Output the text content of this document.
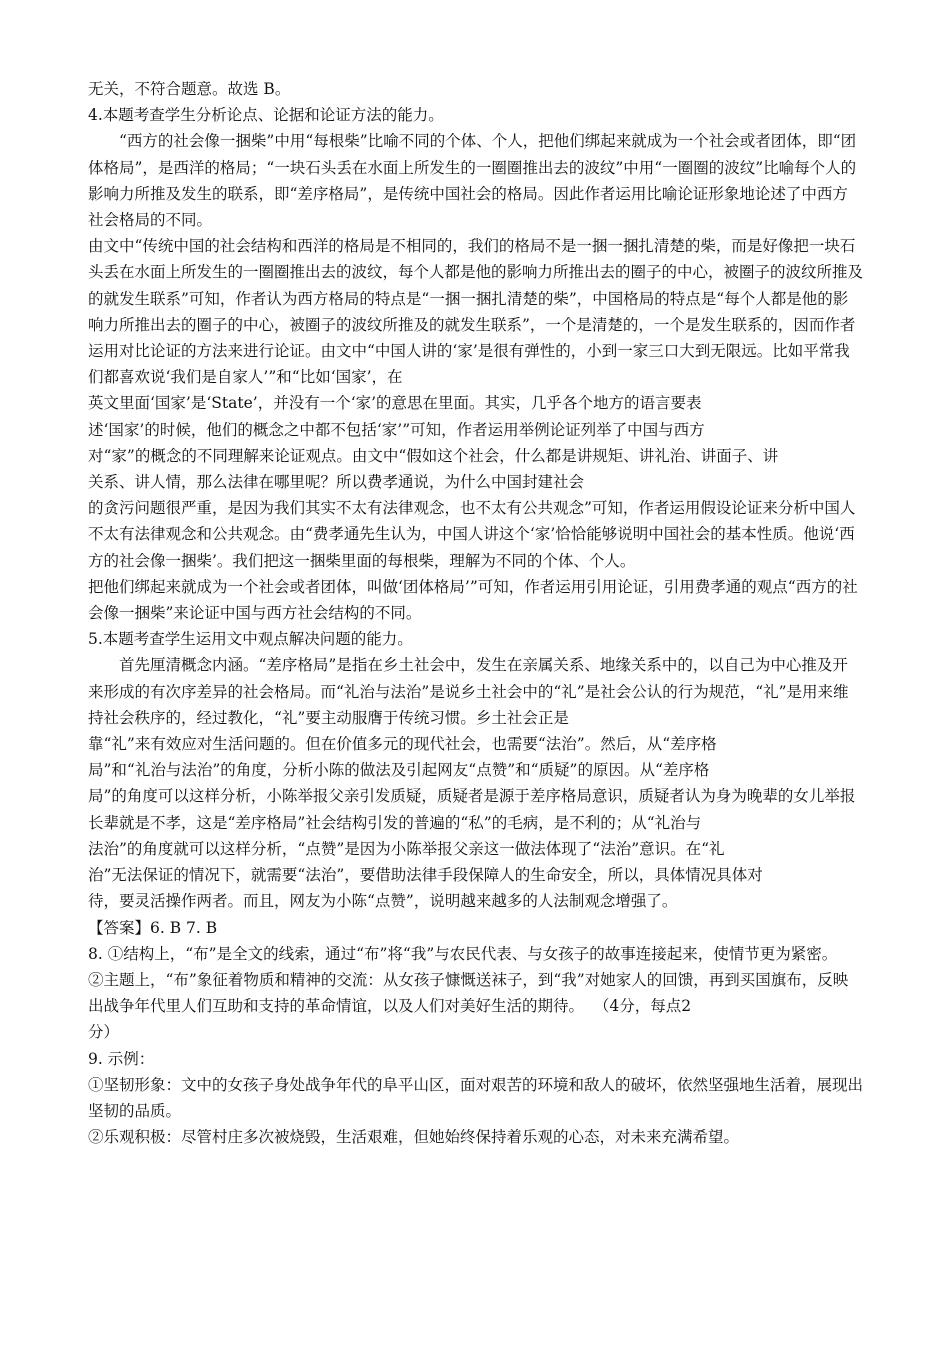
无关，不符合题意。故选 B。

4.本题考查学生分析论点、论据和论证方法的能力。

“西方的社会像一捆柴”中用“每根柴”比喻不同的个体、个人，把他们绑起来就成为一个社会或者团体，即“团体格局”，是西洋的格局；“一块石头丢在水面上所发生的一圈圈推出去的波纹”中用“一圈圈的波纹”比喻每个人的影响力所推及发生的联系，即“差序格局”，是传统中国社会的格局。因此作者运用比喻论证形象地论述了中西方社会格局的不同。

由文中“传统中国的社会结构和西洋的格局是不相同的，我们的格局不是一捆一捆扎清楚的柴，而是好像把一块石头丢在水面上所发生的一圈圈推出去的波纹，每个人都是他的影响力所推出去的圈子的中心，被圈子的波纹所推及的就发生联系”可知，作者认为西方格局的特点是“一捆一捆扎清楚的柴”，中国格局的特点是“每个人都是他的影响力所推出去的圈子的中心，被圈子的波纹所推及的就发生联系”，一个是清楚的，一个是发生联系的，因而作者运用对比论证的方法来进行论证。由文中“中国人讲的‘家’是很有弹性的，小到一家三口大到无限远。比如平常我们都喜欢说‘我们是自家人’”和“比如‘国家’，在

英文里面‘国家’是‘State’，并没有一个‘家’的意思在里面。其实，几乎各个地方的语言要表

述‘国家’的时候，他们的概念之中都不包括‘家’”可知，作者运用举例论证列举了中国与西方

对“家”的概念的不同理解来论证观点。由文中“假如这个社会，什么都是讲规矩、讲礼治、讲面子、讲

关系、讲人情，那么法律在哪里呢？所以费孝通说，为什么中国封建社会

的贪污问题很严重，是因为我们其实不太有法律观念，也不太有公共观念”可知，作者运用假设论证来分析中国人不太有法律观念和公共观念。由“费孝通先生认为，中国人讲这个‘家’恰恰能够说明中国社会的基本性质。他说‘西方的社会像一捆柴’。我们把这一捆柴里面的每根柴，理解为不同的个体、个人。

把他们绑起来就成为一个社会或者团体，叫做‘团体格局’”可知，作者运用引用论证，引用费孝通的观点“西方的社会像一捆柴”来论证中国与西方社会结构的不同。

5.本题考查学生运用文中观点解决问题的能力。

首先厘清概念内涵。“差序格局”是指在乡土社会中，发生在亲属关系、地缘关系中的，以自己为中心推及开来形成的有次序差异的社会格局。而“礼治与法治”是说乡土社会中的“礼”是社会公认的行为规范，“礼”是用来维持社会秩序的，经过教化，“礼”要主动服膺于传统习惯。乡土社会正是

靠“礼”来有效应对生活问题的。但在价值多元的现代社会，也需要“法治”。然后，从“差序格

局”和“礼治与法治”的角度，分析小陈的做法及引起网友“点赞”和“质疑”的原因。从“差序格

局”的角度可以这样分析，小陈举报父亲引发质疑，质疑者是源于差序格局意识，质疑者认为身为晚辈的女儿举报长辈就是不孝，这是“差序格局”社会结构引发的普遍的“私”的毛病，是不利的；从“礼治与

法治”的角度就可以这样分析，“点赞”是因为小陈举报父亲这一做法体现了“法治”意识。在“礼

治”无法保证的情况下，就需要“法治”，要借助法律手段保障人的生命安全，所以，具体情况具体对

待，要灵活操作两者。而且，网友为小陈“点赞”，说明越来越多的人法制观念增强了。

【答案】6. B 7. B

8. ①结构上，“布”是全文的线索，通过“布”将“我”与农民代表、与女孩子的故事连接起来，使情节更为紧密。

②主题上，“布”象征着物质和精神的交流：从女孩子慷慨送袜子，到“我”对她家人的回馈，再到买国旗布，反映出战争年代里人们互助和支持的革命情谊，以及人们对美好生活的期待。  （4分，每点2

分）

9. 示例：

①坚韧形象：文中的女孩子身处战争年代的阜平山区，面对艰苦的环境和敌人的破坏，依然坚强地生活着，展现出坚韧的品质。

②乐观积极：尽管村庄多次被烧毁，生活艰难，但她始终保持着乐观的心态，对未来充满希望。
